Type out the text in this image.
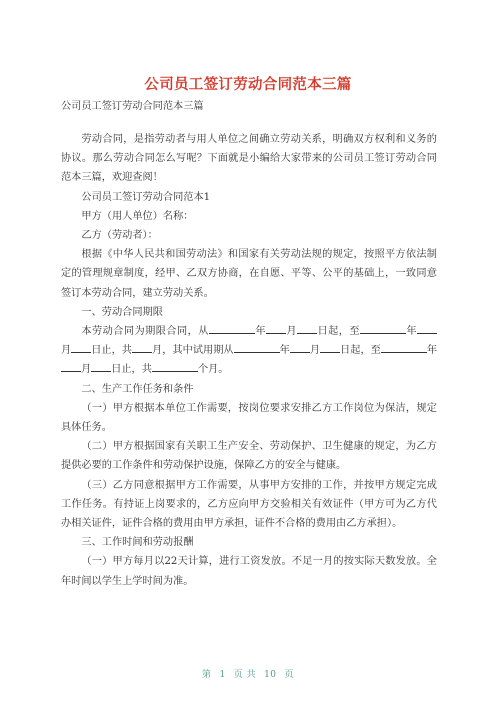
公司员工签订劳动合同范本三篇
公司员工签订劳动合同范本三篇

劳动合同，是指劳动者与用人单位之间确立劳动关系，明确双方权利和义务的协议。那么劳动合同怎么写呢？下面就是小编给大家带来的公司员工签订劳动合同范本三篇，欢迎查阅！

公司员工签订劳动合同范本1

甲方（用人单位）名称：

乙方（劳动者）：

根据《中华人民共和国劳动法》和国家有关劳动法规的规定，按照平方依法制定的管理规章制度，经甲、乙双方协商，在自愿、平等、公平的基础上，一致同意签订本劳动合同，建立劳动关系。

一、劳动合同期限

本劳动合同为期限合同，从	年 月 日起，至	年月 日止，共 月，其中试用期从	年 月 日起，至	年月 日止，共	个月。

二、生产工作任务和条件

（一）甲方根据本单位工作需要，按岗位要求安排乙方工作岗位为保洁，规定具体任务。

（二）甲方根据国家有关职工生产安全、劳动保护、卫生健康的规定，为乙方提供必要的工作条件和劳动保护设施，保障乙方的安全与健康。

（三）乙方同意根据甲方工作需要，从事甲方安排的工作，并按甲方规定完成工作任务。有持证上岗要求的，乙方应向甲方交验相关有效证件（甲方可为乙方代办相关证件，证件合格的费用由甲方承担，证件不合格的费用由乙方承担）。

三、工作时间和劳动报酬

（一）甲方每月以22天计算，进行工资发放。不足一月的按实际天数发放。全年时间以学生上学时间为准。

第 1 页 共 10 页
